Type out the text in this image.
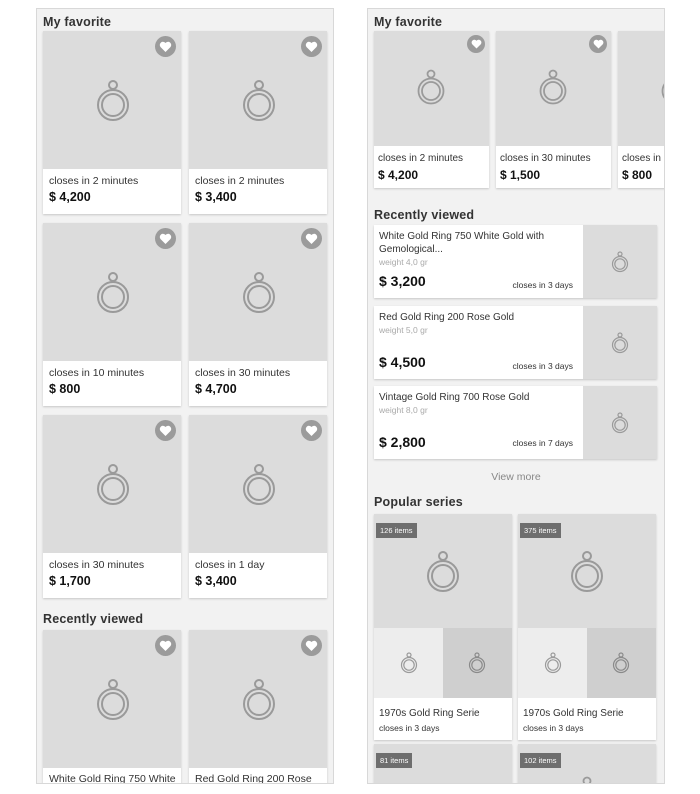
My favorite
closes in 2 minutes
$ 4,200
closes in 2 minutes
$ 3,400
closes in 10 minutes
$ 800
closes in 30 minutes
$ 4,700
closes in 30 minutes
$ 1,700
closes in 1 day
$ 3,400
Recently viewed
White Gold Ring 750 White Red Gold Ring 200 Rose
My favorite
closes in 2 minutes
$ 4,200
closes in 30 minutes
$ 1,500
closes in
$ 800
Recently viewed
White Gold Ring 750 White Gold with Gemological...
weight 4,0 gr
$ 3,200	closes in 3 days
Red Gold Ring 200 Rose Gold
weight 5,0 gr
$ 4,500	closes in 3 days
Vintage Gold Ring 700 Rose Gold
weight 8,0 gr
$ 2,800	closes in 7 days
View more
Popular series
126 items
1970s Gold Ring Serie
closes in 3 days
375 items
1970s Gold Ring Serie
closes in 3 days
81 items	102 items
